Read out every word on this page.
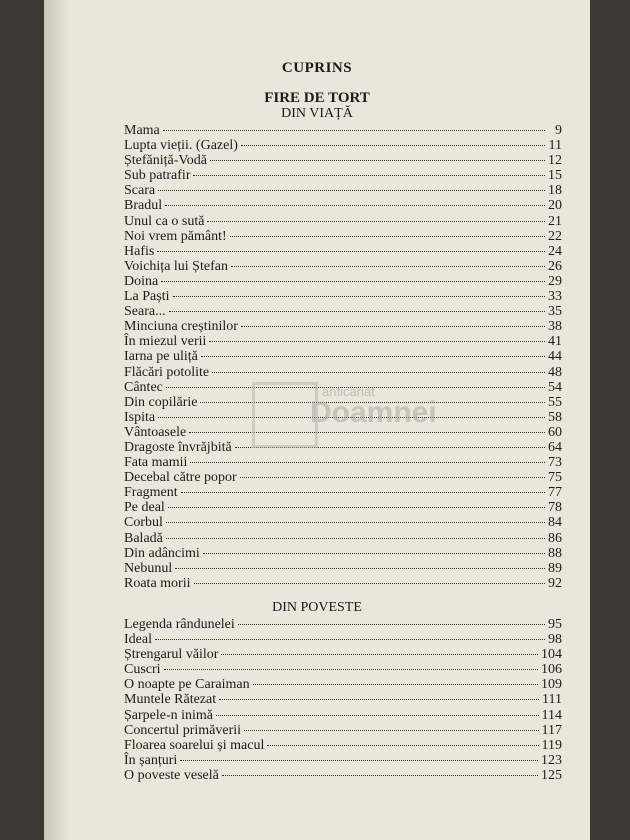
CUPRINS
FIRE DE TORT
DIN VIAȚĂ
Mama	9
Lupta vieții. (Gazel)	11
Ștefăniță-Vodă	12
Sub patrafir	15
Scara	18
Bradul	20
Unul ca o sută	21
Noi vrem pământ!	22
Hafis	24
Voichița lui Ștefan	26
Doina	29
La Paști	33
Seara...	35
Minciuna creștinilor	38
În miezul verii	41
Iarna pe uliță	44
Flăcări potolite	48
Cântec	54
Din copilărie	55
Ispita	58
Vântoasele	60
Dragoste învrăjbită	64
Fata mamii	73
Decebal către popor	75
Fragment	77
Pe deal	78
Corbul	84
Baladă	86
Din adâncimi	88
Nebunul	89
Roata morii	92
DIN POVESTE
Legenda rândunelei	95
Ideal	98
Ștrengarul văilor	104
Cuscri	106
O noapte pe Caraiman	109
Muntele Rătezat	111
Șarpele-n inimă	114
Concertul primăverii	117
Floarea soarelui și macul	119
În șanțuri	123
O poveste veselă	125
anticariat
Doamnei
